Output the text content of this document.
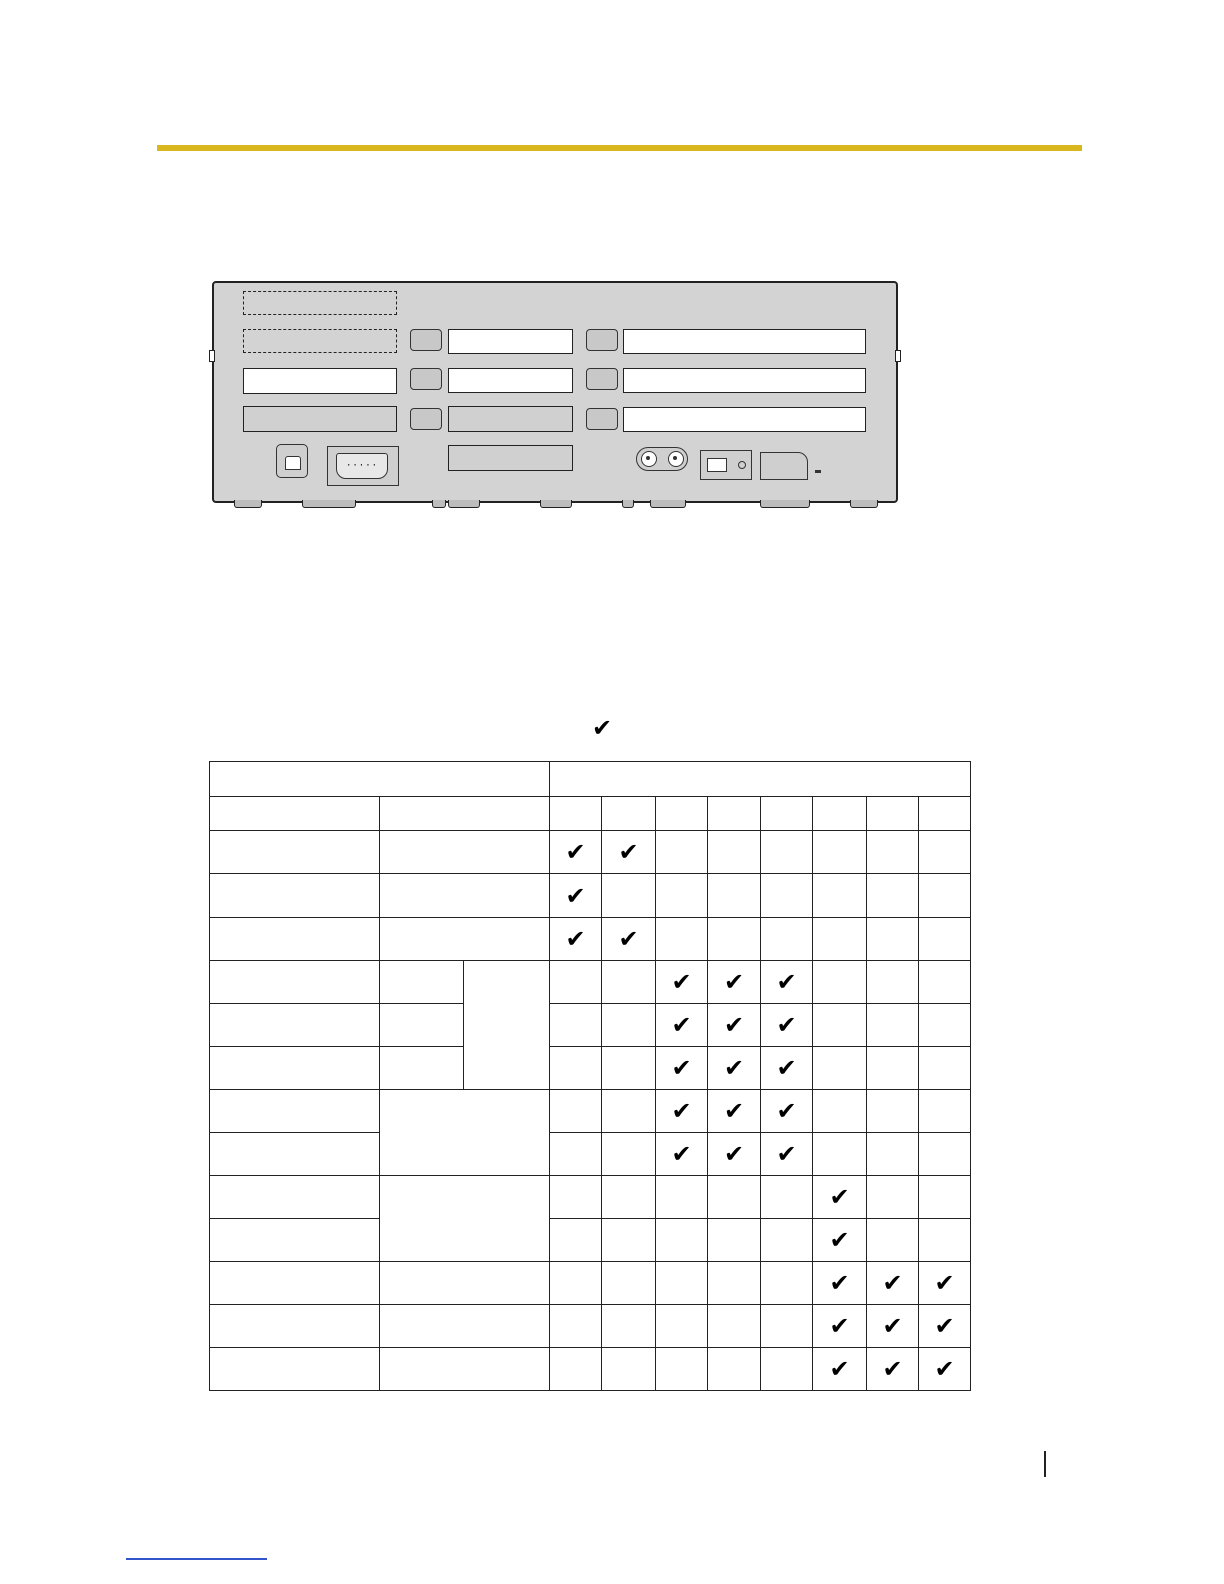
·····
✔

			✔	✔						
			✔							
			✔	✔						
					✔	✔	✔			
					✔	✔	✔			
					✔	✔	✔			
					✔	✔	✔			
					✔	✔	✔			
								✔		
								✔		
								✔	✔	✔
								✔	✔	✔
								✔	✔	✔
